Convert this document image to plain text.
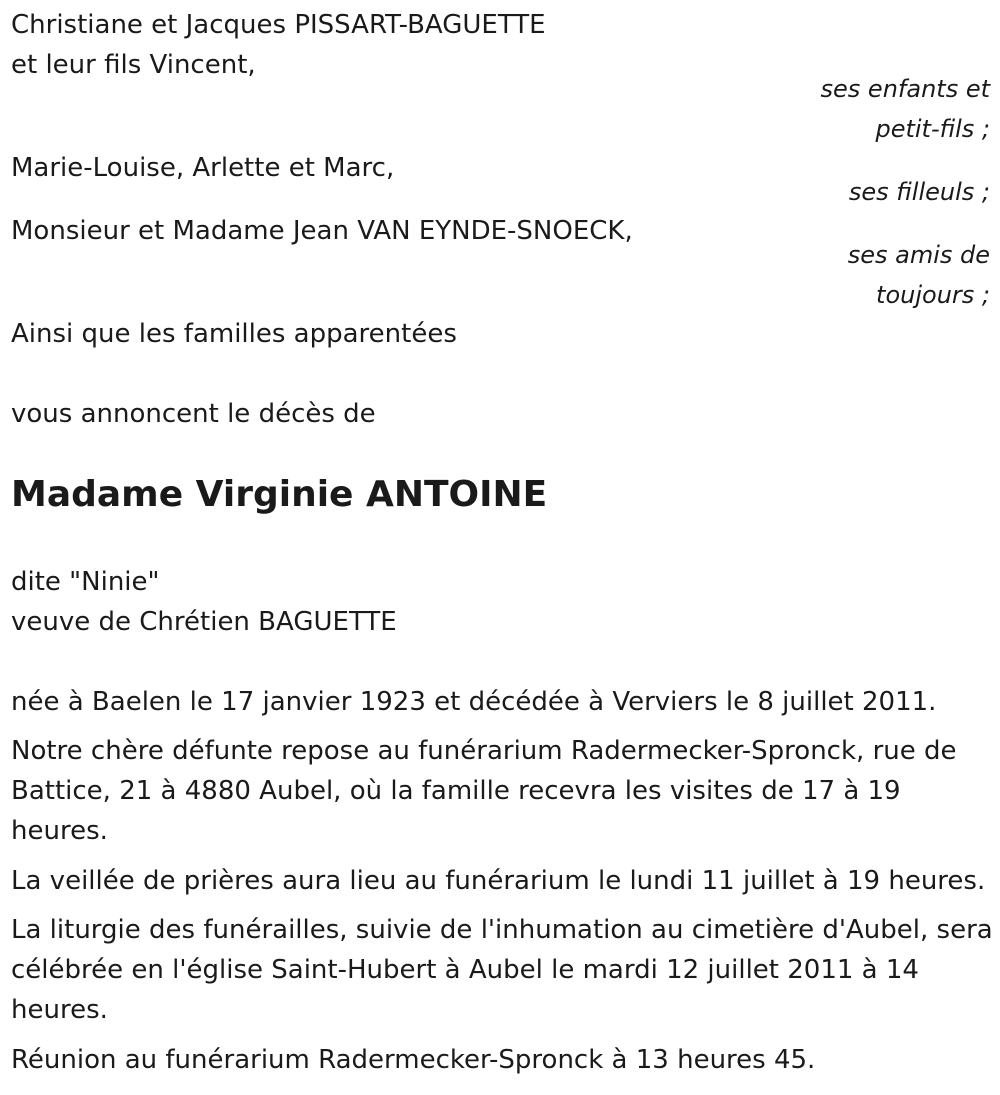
Christiane et Jacques PISSART-BAGUETTE

et leur fils Vincent,

Marie-Louise, Arlette et Marc,

Monsieur et Madame Jean VAN EYNDE-SNOECK,

Ainsi que les familles apparentées

vous annoncent le décès de

ses enfants et

petit-fils ;

ses filleuls ;

ses amis de

toujours ;

Madame Virginie ANTOINE

dite "Ninie"

veuve de Chrétien BAGUETTE

née à Baelen le 17 janvier 1923 et décédée à Verviers le 8 juillet 2011.

Notre chère défunte repose au funérarium Radermecker-Spronck, rue de Battice, 21 à 4880 Aubel, où la famille recevra les visites de 17 à 19 heures.

La veillée de prières aura lieu au funérarium le lundi 11 juillet à 19 heures.

La liturgie des funérailles, suivie de l'inhumation au cimetière d'Aubel, sera célébrée en l'église Saint-Hubert à Aubel le mardi 12 juillet 2011 à 14 heures.

Réunion au funérarium Radermecker-Spronck à 13 heures 45.
